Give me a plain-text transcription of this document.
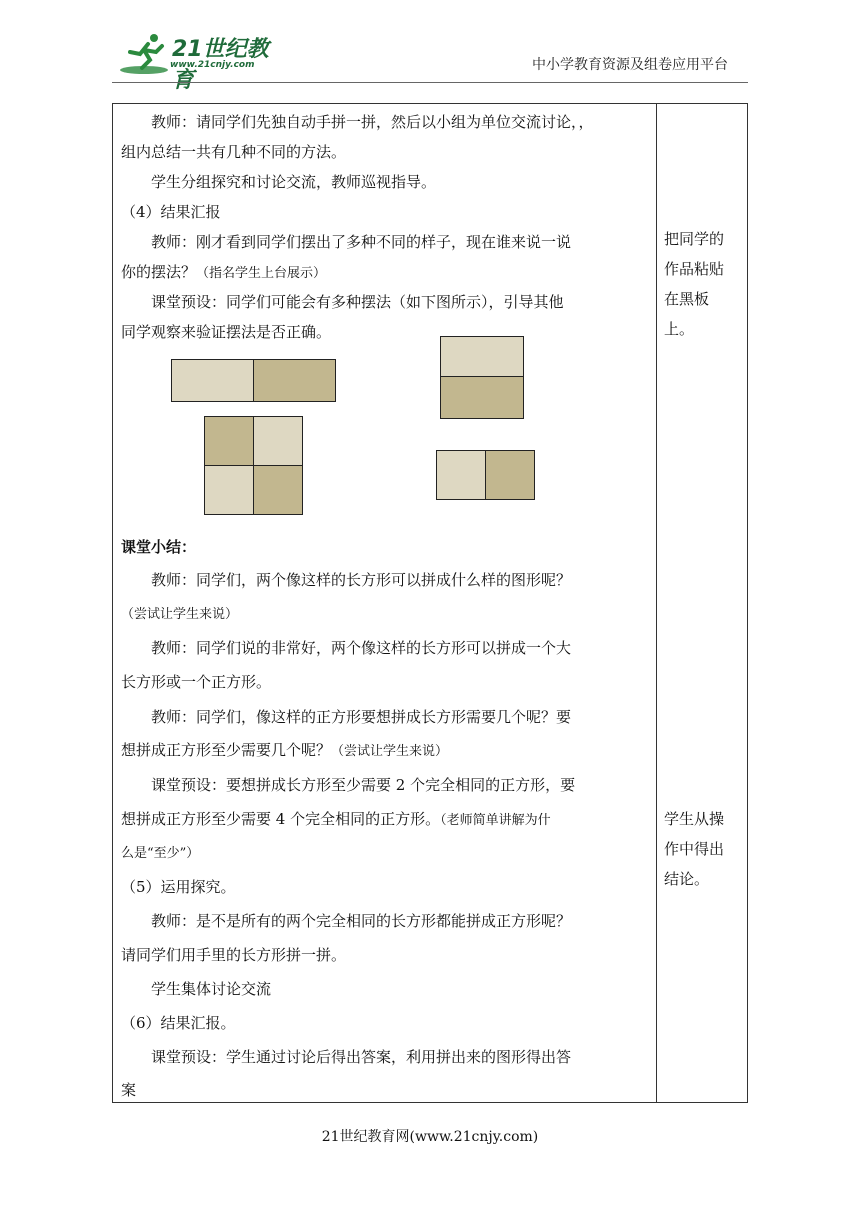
21世纪教育
www.21cnjy.com	中小学教育资源及组卷应用平台
教师：请同学们先独自动手拼一拼，然后以小组为单位交流讨论，，
组内总结一共有几种不同的方法。
学生分组探究和讨论交流，教师巡视指导。
（4）结果汇报
教师：刚才看到同学们摆出了多种不同的样子，现在谁来说一说
你的摆法？（指名学生上台展示）
课堂预设：同学们可能会有多种摆法（如下图所示），引导其他
同学观察来验证摆法是否正确。
课堂小结：
教师：同学们，两个像这样的长方形可以拼成什么样的图形呢？
（尝试让学生来说）
教师：同学们说的非常好，两个像这样的长方形可以拼成一个大
长方形或一个正方形。
教师：同学们，像这样的正方形要想拼成长方形需要几个呢？要
想拼成正方形至少需要几个呢？（尝试让学生来说）
课堂预设：要想拼成长方形至少需要 2 个完全相同的正方形，要
想拼成正方形至少需要 4 个完全相同的正方形。（老师简单讲解为什
么是“至少”）
（5）运用探究。
教师：是不是所有的两个完全相同的长方形都能拼成正方形呢？
请同学们用手里的长方形拼一拼。
学生集体讨论交流
（6）结果汇报。
课堂预设：学生通过讨论后得出答案，利用拼出来的图形得出答
案
把同学的
作品粘贴
在黑板
上。
学生从操
作中得出
结论。
21世纪教育网(www.21cnjy.com)
